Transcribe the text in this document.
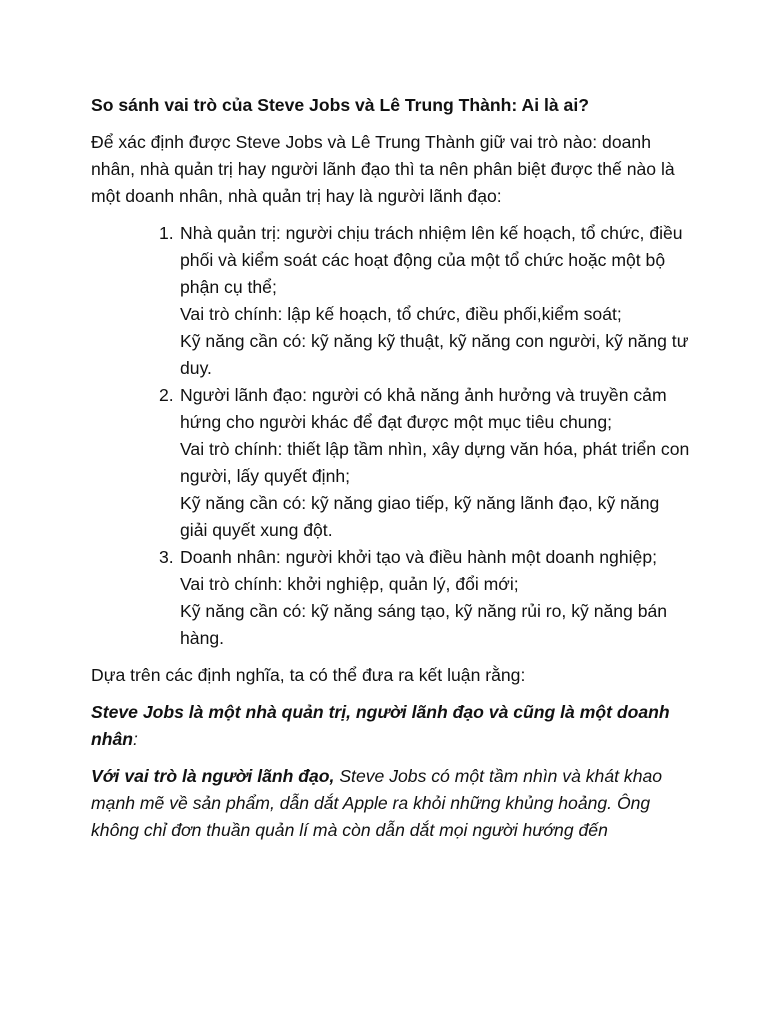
So sánh vai trò của Steve Jobs và Lê Trung Thành: Ai là ai?

Để xác định được Steve Jobs và Lê Trung Thành giữ vai trò nào: doanh nhân, nhà quản trị hay người lãnh đạo thì ta nên phân biệt được thế nào là một doanh nhân, nhà quản trị hay là người lãnh đạo:

1. Nhà quản trị: người chịu trách nhiệm lên kế hoạch, tổ chức, điều phối và kiểm soát các hoạt động của một tổ chức hoặc một bộ phận cụ thể;
Vai trò chính: lập kế hoạch, tổ chức, điều phối,kiểm soát;
Kỹ năng cần có: kỹ năng kỹ thuật, kỹ năng con người, kỹ năng tư duy.
2. Người lãnh đạo: người có khả năng ảnh hưởng và truyền cảm hứng cho người khác để đạt được một mục tiêu chung;
Vai trò chính: thiết lập tầm nhìn, xây dựng văn hóa, phát triển con người, lấy quyết định;
Kỹ năng cần có: kỹ năng giao tiếp, kỹ năng lãnh đạo, kỹ năng giải quyết xung đột.
3. Doanh nhân: người khởi tạo và điều hành một doanh nghiệp;
Vai trò chính: khởi nghiệp, quản lý, đổi mới;
Kỹ năng cần có: kỹ năng sáng tạo, kỹ năng rủi ro, kỹ năng bán hàng.

Dựa trên các định nghĩa, ta có thể đưa ra kết luận rằng:

Steve Jobs là một nhà quản trị, người lãnh đạo và cũng là một doanh nhân:

Với vai trò là người lãnh đạo, Steve Jobs có một tầm nhìn và khát khao mạnh mẽ về sản phẩm, dẫn dắt Apple ra khỏi những khủng hoảng. Ông không chỉ đơn thuần quản lí mà còn dẫn dắt mọi người hướng đến
